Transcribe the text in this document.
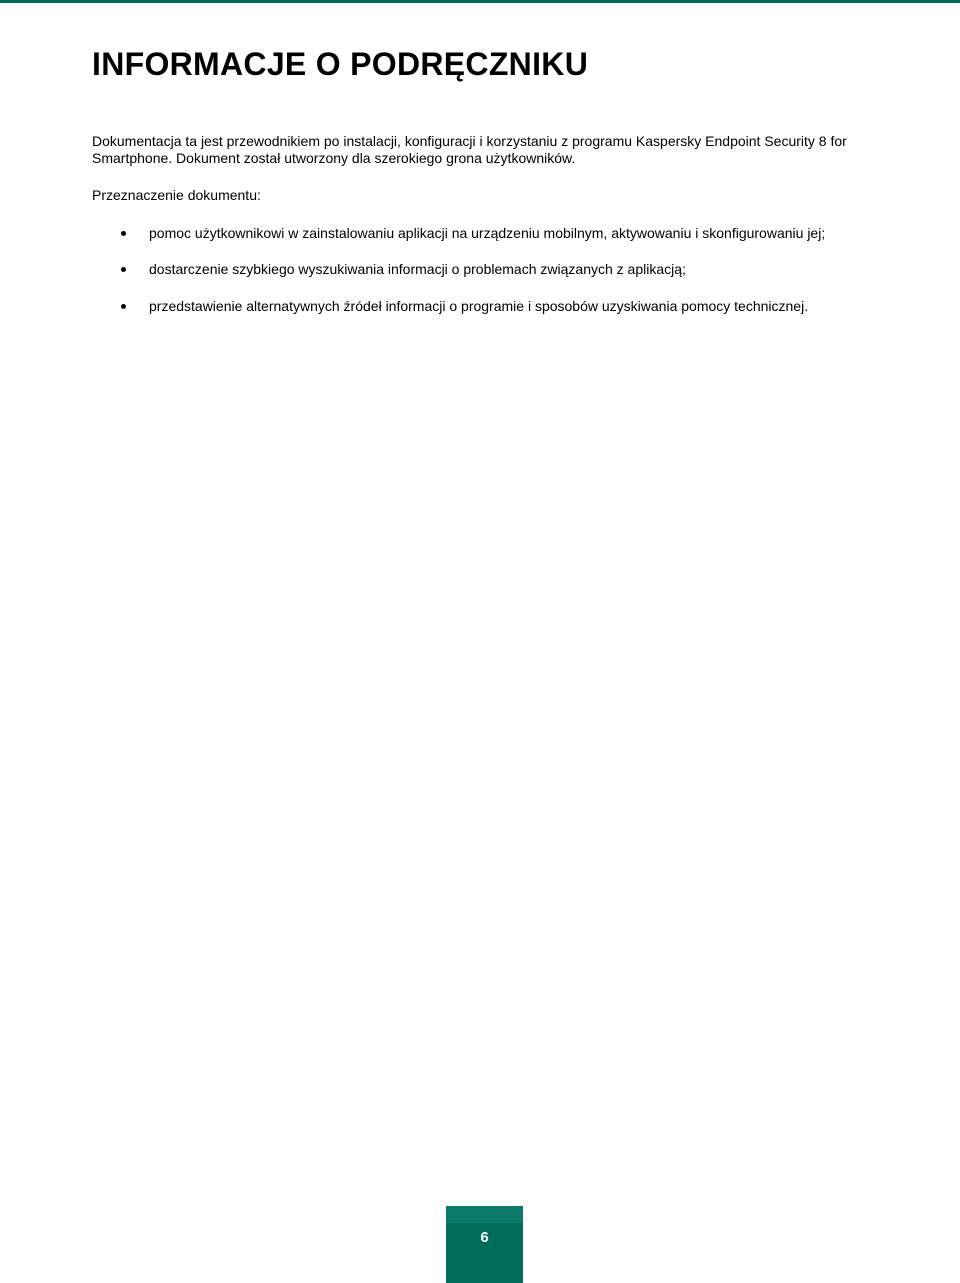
INFORMACJE O PODRĘCZNIKU

Dokumentacja ta jest przewodnikiem po instalacji, konfiguracji i korzystaniu z programu Kaspersky Endpoint Security 8 for Smartphone. Dokument został utworzony dla szerokiego grona użytkowników.

Przeznaczenie dokumentu:

pomoc użytkownikowi w zainstalowaniu aplikacji na urządzeniu mobilnym, aktywowaniu i skonfigurowaniu jej;
dostarczenie szybkiego wyszukiwania informacji o problemach związanych z aplikacją;
przedstawienie alternatywnych źródeł informacji o programie i sposobów uzyskiwania pomocy technicznej.
6
